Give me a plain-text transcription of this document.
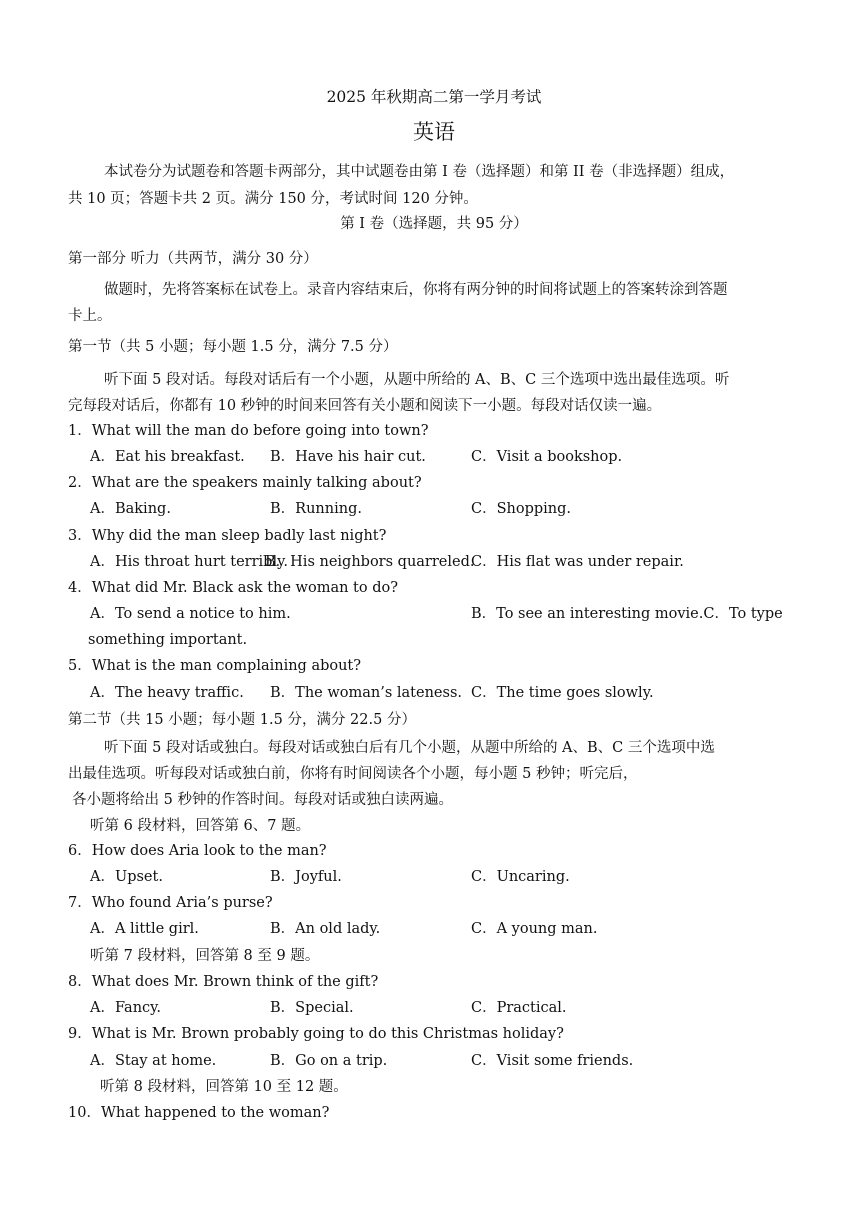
2025 年秋期高二第一学月考试
英语
本试卷分为试题卷和答题卡两部分，其中试题卷由第 I 卷（选择题）和第 II 卷（非选择题）组成，
共 10 页；答题卡共 2 页。满分 150 分，考试时间 120 分钟。
第 I 卷（选择题，共 95 分）
第一部分 听力（共两节，满分 30 分）
做题时，先将答案标在试卷上。录音内容结束后，你将有两分钟的时间将试题上的答案转涂到答题
卡上。
第一节（共 5 小题；每小题 1.5 分，满分 7.5 分）
听下面 5 段对话。每段对话后有一个小题，从题中所给的 A、B、C 三个选项中选出最佳选项。听
完每段对话后，你都有 10 秒钟的时间来回答有关小题和阅读下一小题。每段对话仅读一遍。
1．What will the man do before going into town?
A．Eat his breakfast. B．Have his hair cut.	C．Visit a bookshop.
2．What are the speakers mainly talking about?
A．Baking.	B．Running.	C．Shopping.
3．Why did the man sleep badly last night?
A．His throat hurt terribly.
B．His neighbors quarreled.
C．His flat was under repair.
4．What did Mr. Black ask the woman to do?
A．To send a notice to him.	B．To see an interesting movie.C．To type
something important.
5．What is the man complaining about?
A．The heavy traffic. B．The woman’s lateness. C．The time goes slowly.
第二节（共 15 小题；每小题 1.5 分，满分 22.5 分）
听下面 5 段对话或独白。每段对话或独白后有几个小题，从题中所给的 A、B、C 三个选项中选
出最佳选项。听每段对话或独白前，你将有时间阅读各个小题，每小题 5 秒钟；听完后，
各小题将给出 5 秒钟的作答时间。每段对话或独白读两遍。
听第 6 段材料，回答第 6、7 题。
6．How does Aria look to the man?
A．Upset.	B．Joyful.	C．Uncaring.
7．Who found Aria’s purse?
A．A little girl.	B．An old lady.	C．A young man.
听第 7 段材料，回答第 8 至 9 题。
8．What does Mr. Brown think of the gift?
A．Fancy.	B．Special.	C．Practical.
9．What is Mr. Brown probably going to do this Christmas holiday?
A．Stay at home.	B．Go on a trip.	C．Visit some friends.
听第 8 段材料，回答第 10 至 12 题。
10．What happened to the woman?
